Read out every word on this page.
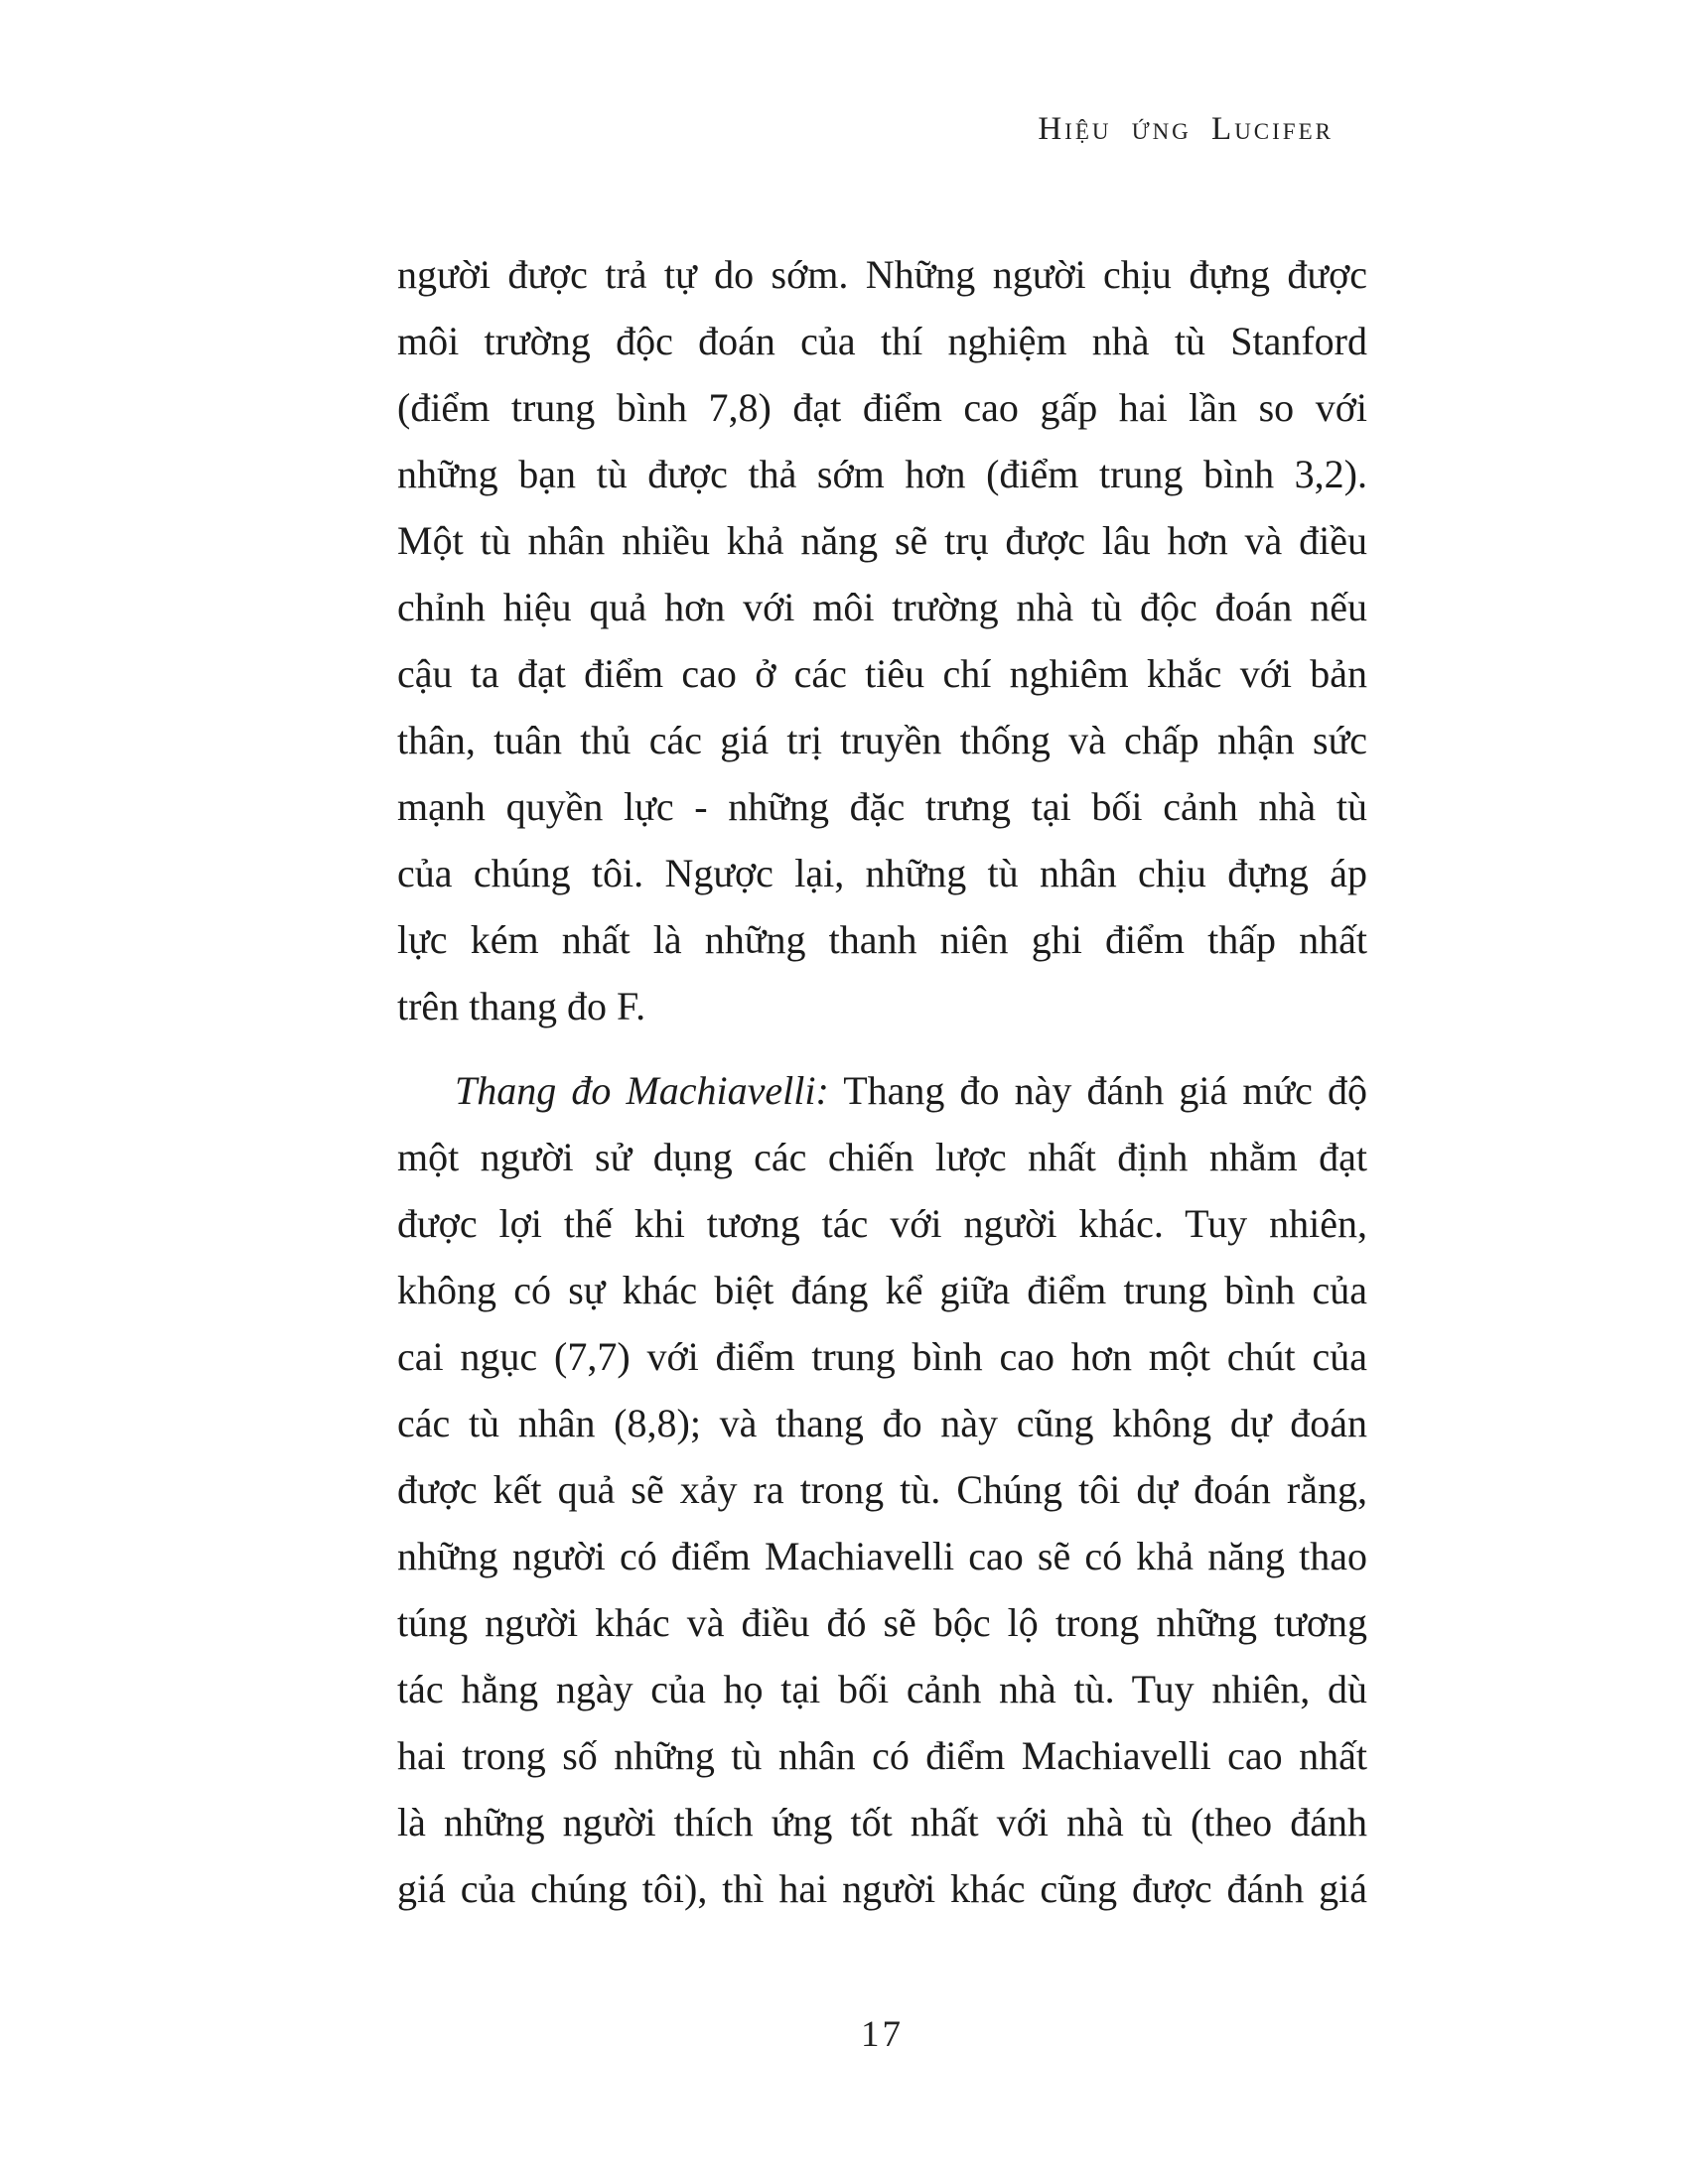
Hiệu ứng Lucifer
người được trả tự do sớm. Những người chịu đựng được
môi trường độc đoán của thí nghiệm nhà tù Stanford
(điểm trung bình 7,8) đạt điểm cao gấp hai lần so với
những bạn tù được thả sớm hơn (điểm trung bình 3,2).
Một tù nhân nhiều khả năng sẽ trụ được lâu hơn và điều
chỉnh hiệu quả hơn với môi trường nhà tù độc đoán nếu
cậu ta đạt điểm cao ở các tiêu chí nghiêm khắc với bản
thân, tuân thủ các giá trị truyền thống và chấp nhận sức
mạnh quyền lực - những đặc trưng tại bối cảnh nhà tù
của chúng tôi. Ngược lại, những tù nhân chịu đựng áp
lực kém nhất là những thanh niên ghi điểm thấp nhất
trên thang đo F.
Thang đo Machiavelli: Thang đo này đánh giá mức độ
một người sử dụng các chiến lược nhất định nhằm đạt
được lợi thế khi tương tác với người khác. Tuy nhiên,
không có sự khác biệt đáng kể giữa điểm trung bình của
cai ngục (7,7) với điểm trung bình cao hơn một chút của
các tù nhân (8,8); và thang đo này cũng không dự đoán
được kết quả sẽ xảy ra trong tù. Chúng tôi dự đoán rằng,
những người có điểm Machiavelli cao sẽ có khả năng thao
túng người khác và điều đó sẽ bộc lộ trong những tương
tác hằng ngày của họ tại bối cảnh nhà tù. Tuy nhiên, dù
hai trong số những tù nhân có điểm Machiavelli cao nhất
là những người thích ứng tốt nhất với nhà tù (theo đánh
giá của chúng tôi), thì hai người khác cũng được đánh giá
17
